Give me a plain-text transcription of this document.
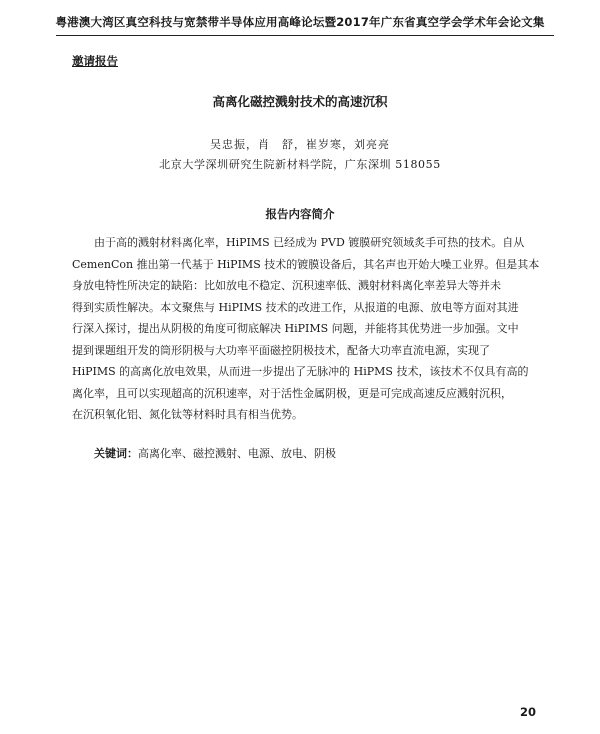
粤港澳大湾区真空科技与宽禁带半导体应用高峰论坛暨2017年广东省真空学会学术年会论文集
邀请报告
高离化磁控溅射技术的高速沉积
吴忠振，肖　舒，崔岁寒，刘亮亮
北京大学深圳研究生院新材料学院，广东深圳 518055
报告内容简介
由于高的溅射材料离化率，HiPIMS 已经成为 PVD 镀膜研究领域炙手可热的技术。自从
CemenCon 推出第一代基于 HiPIMS 技术的镀膜设备后，其名声也开始大噪工业界。但是其本
身放电特性所决定的缺陷：比如放电不稳定、沉积速率低、溅射材料离化率差异大等并未
得到实质性解决。本文聚焦与 HiPIMS 技术的改进工作，从报道的电源、放电等方面对其进
行深入探讨，提出从阴极的角度可彻底解决 HiPIMS 问题，并能将其优势进一步加强。文中
提到课题组开发的筒形阴极与大功率平面磁控阴极技术，配备大功率直流电源，实现了
HiPIMS 的高离化放电效果，从而进一步提出了无脉冲的 HiPMS 技术，该技术不仅具有高的
离化率，且可以实现超高的沉积速率，对于活性金属阴极，更是可完成高速反应溅射沉积，
在沉积氧化铝、氮化钛等材料时具有相当优势。
关键词：高离化率、磁控溅射、电源、放电、阴极
20
